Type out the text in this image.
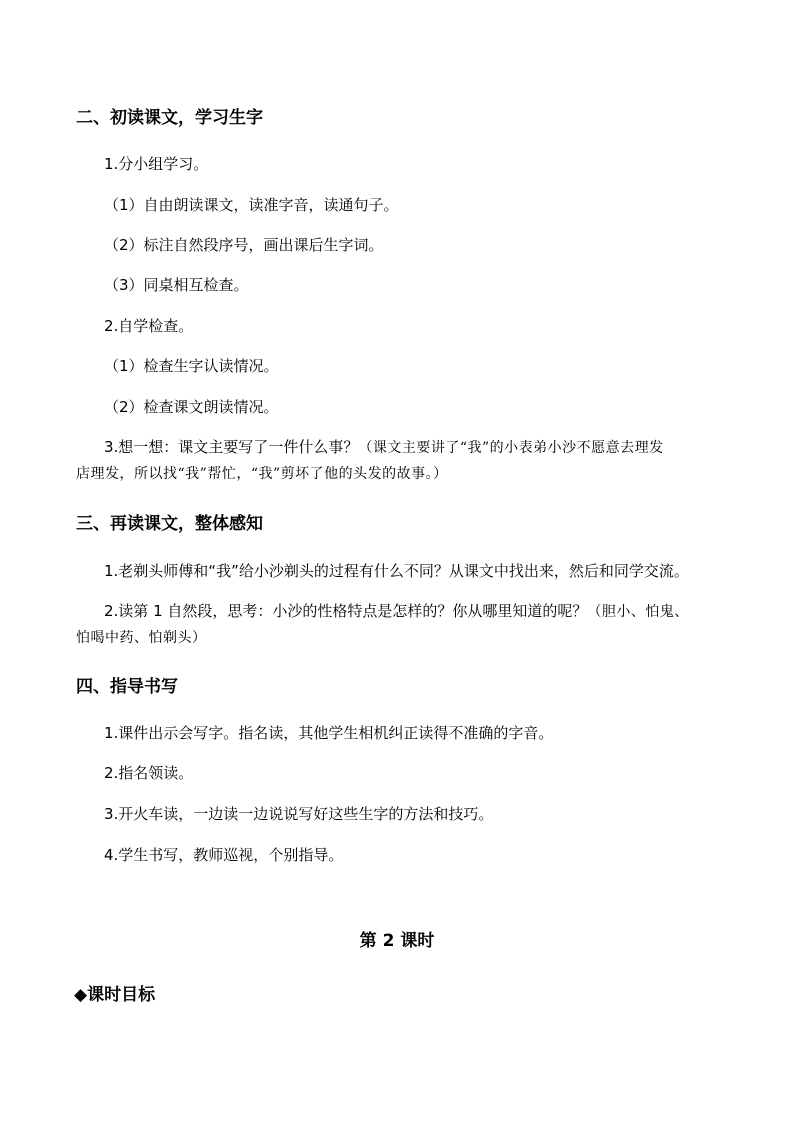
二、初读课文，学习生字
1.分小组学习。
（1）自由朗读课文，读准字音，读通句子。
（2）标注自然段序号，画出课后生字词。
（3）同桌相互检查。
2.自学检查。
（1）检查生字认读情况。
（2）检查课文朗读情况。
3.想一想：课文主要写了一件什么事？（课文主要讲了“我”的小表弟小沙不愿意去理发
店理发，所以找“我”帮忙，“我”剪坏了他的头发的故事。）
三、再读课文，整体感知
1.老剃头师傅和“我”给小沙剃头的过程有什么不同？从课文中找出来，然后和同学交流。
2.读第 1 自然段，思考：小沙的性格特点是怎样的？你从哪里知道的呢？（胆小、怕鬼、
怕喝中药、怕剃头）
四、指导书写
1.课件出示会写字。指名读，其他学生相机纠正读得不准确的字音。
2.指名领读。
3.开火车读，一边读一边说说写好这些生字的方法和技巧。
4.学生书写，教师巡视，个别指导。
第 2 课时
◆课时目标
